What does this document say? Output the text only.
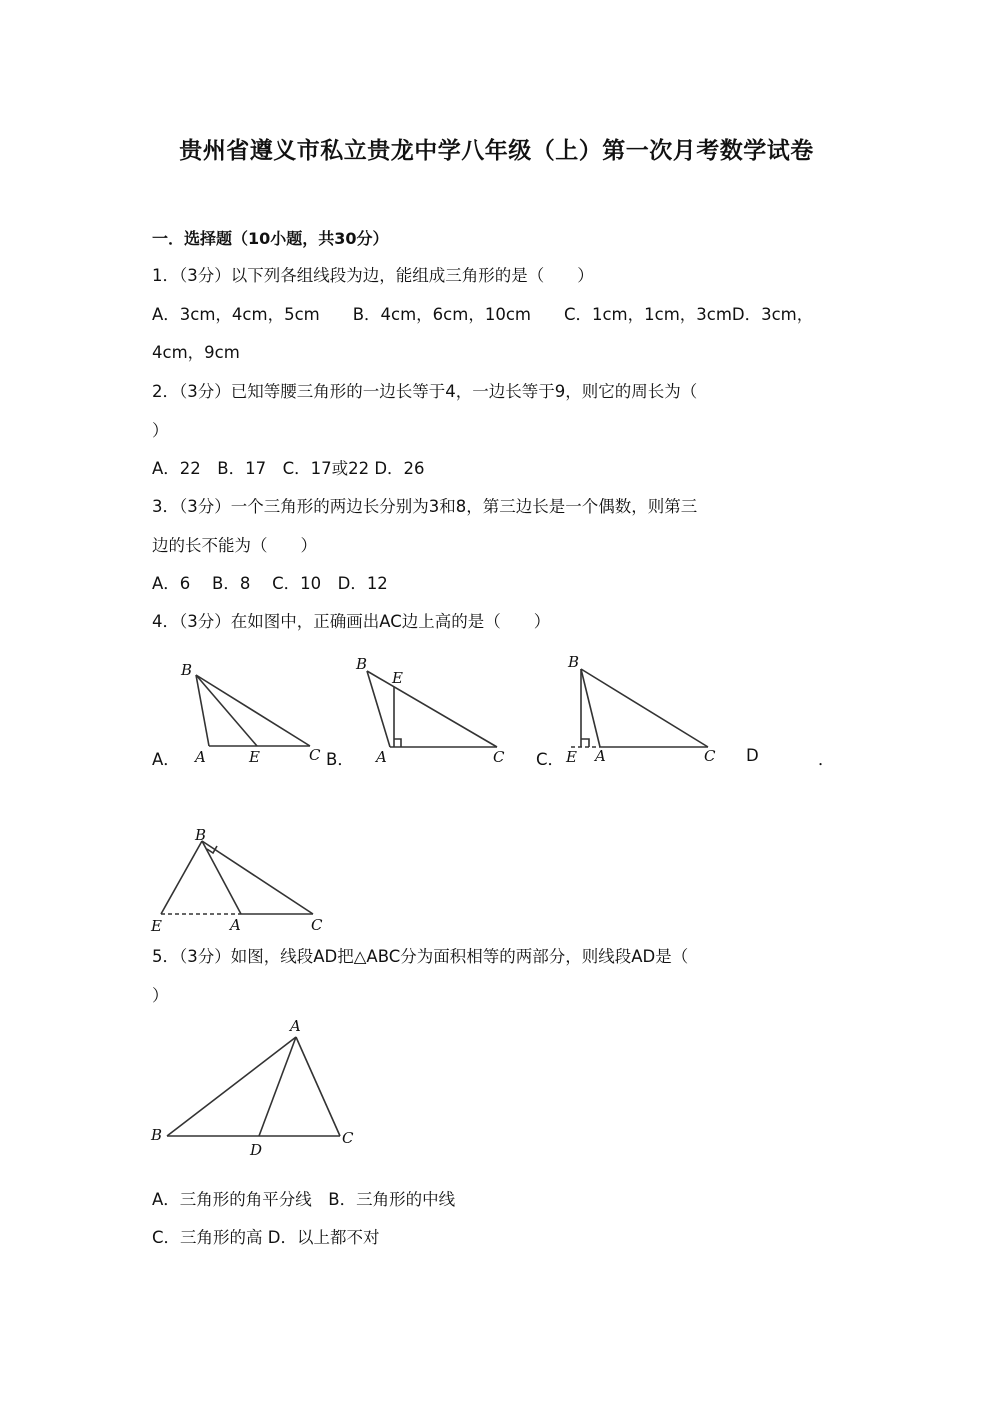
贵州省遵义市私立贵龙中学八年级（上）第一次月考数学试卷
一．选择题（10小题，共30分）
1．（3分）以下列各组线段为边，能组成三角形的是（　　）
A．3cm，4cm，5cm　　B．4cm，6cm，10cm　　C．1cm，1cm，3cmD．3cm，
4cm，9cm
2．（3分）已知等腰三角形的一边长等于4，一边长等于9，则它的周长为（
）
A．22　B．17　C．17或22 D．26
3．（3分）一个三角形的两边长分别为3和8，第三边长是一个偶数，则第三
边的长不能为（　　）
A．6　 B．8　 C．10　D．12
4．（3分）在如图中，正确画出AC边上高的是（　　）
A．
B
A	E	C B．
B
E
A	C C．
B
E A	C D	．
B
E	A	C
5．（3分）如图，线段AD把△ABC分为面积相等的两部分，则线段AD是（
）
A
B
D
C
A．三角形的角平分线　B．三角形的中线
C．三角形的高 D．以上都不对
